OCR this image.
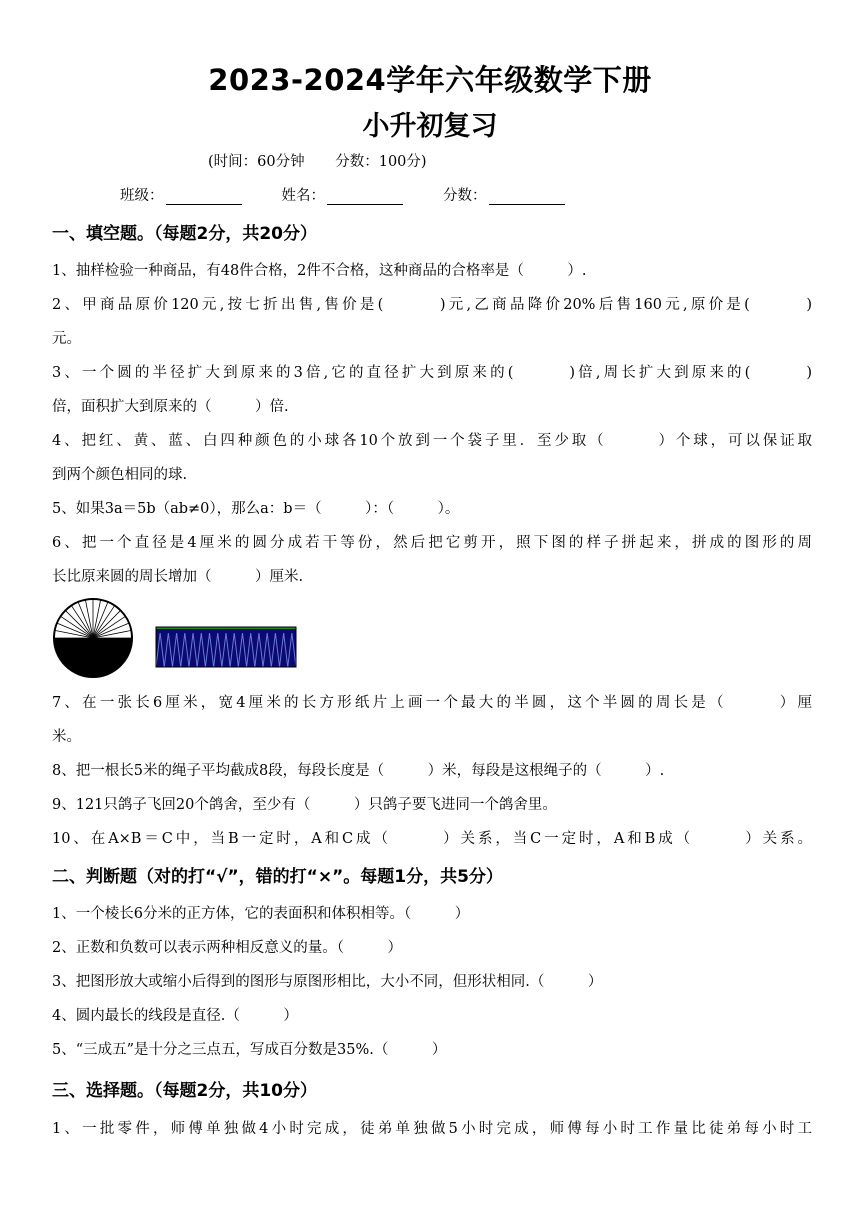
2023-2024学年六年级数学下册
小升初复习
(时间：60分钟 分数：100分)
班级：	姓名：	分数：
一、填空题。（每题2分，共20分）
1、抽样检验一种商品，有48件合格，2件不合格，这种商品的合格率是（　　　）.
2、甲商品原价120元,按七折出售,售价是(　　　)元,乙商品降价20%后售160元,原价是(　　　)
元。
3、一个圆的半径扩大到原来的3倍,它的直径扩大到原来的(　　　)倍,周长扩大到原来的(　　　)
倍，面积扩大到原来的（　　　）倍.
4、把红、黄、蓝、白四种颜色的小球各10个放到一个袋子里．至少取（　　　）个球，可以保证取
到两个颜色相同的球.
5、如果3a＝5b（ab≠0），那么a：b＝（　　　）：（　　　）。
6、把一个直径是4厘米的圆分成若干等份，然后把它剪开，照下图的样子拼起来，拼成的图形的周
长比原来圆的周长增加（　　　）厘米.
7、在一张长6厘米，宽4厘米的长方形纸片上画一个最大的半圆，这个半圆的周长是（　　　）厘
米。
8、把一根长5米的绳子平均截成8段，每段长度是（　　　）米，每段是这根绳子的（　　　）.
9、121只鸽子飞回20个鸽舍，至少有（　　　）只鸽子要飞进同一个鸽舍里。
10、在A×B＝C中，当B一定时，A和C成（　　　）关系，当C一定时，A和B成（　　　）关系。
二、判断题（对的打“√”，错的打“×”。每题1分，共5分）
1、一个棱长6分米的正方体，它的表面积和体积相等。（　　　）
2、正数和负数可以表示两种相反意义的量。（　　　）
3、把图形放大或缩小后得到的图形与原图形相比，大小不同，但形状相同.（　　　）
4、圆内最长的线段是直径.（　　　）
5、“三成五”是十分之三点五，写成百分数是35%.（　　　）
三、选择题。（每题2分，共10分）
1、一批零件，师傅单独做4小时完成，徒弟单独做5小时完成，师傅每小时工作量比徒弟每小时工
